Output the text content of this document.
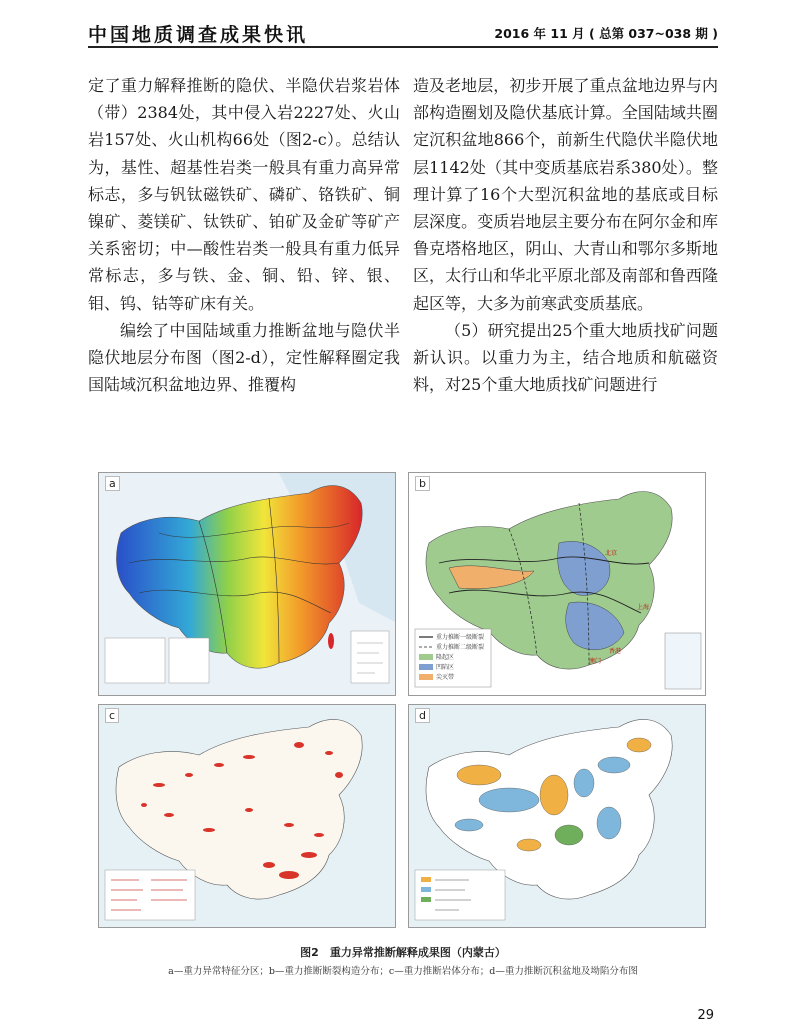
中国地质调查成果快讯	2016 年 11 月 ( 总第 037~038 期 )

定了重力解释推断的隐伏、半隐伏岩浆岩体（带）2384处，其中侵入岩2227处、火山岩157处、火山机构66处（图2-c）。总结认为，基性、超基性岩类一般具有重力高异常标志，多与钒钛磁铁矿、磷矿、铬铁矿、铜镍矿、菱镁矿、钛铁矿、铂矿及金矿等矿产关系密切；中—酸性岩类一般具有重力低异常标志，多与铁、金、铜、铅、锌、银、钼、钨、钴等矿床有关。

编绘了中国陆域重力推断盆地与隐伏半隐伏地层分布图（图2-d），定性解释圈定我国陆域沉积盆地边界、推覆构

造及老地层，初步开展了重点盆地边界与内部构造圈划及隐伏基底计算。全国陆域共圈定沉积盆地866个，前新生代隐伏半隐伏地层1142处（其中变质基底岩系380处）。整理计算了16个大型沉积盆地的基底或目标层深度。变质岩地层主要分布在阿尔金和库鲁克塔格地区，阴山、大青山和鄂尔多斯地区，太行山和华北平原北部及南部和鲁西隆起区等，大多为前寒武变质基底。

（5）研究提出25个重大地质找矿问题新认识。以重力为主，结合地质和航磁资料，对25个重大地质找矿问题进行

a
北京
上海
香港
澳门
重力推断一级断裂
重力推断二级断裂
隆起区
凹陷区
尖灭带
b
c	d
图2　重力异常推断解释成果图（内蒙古）
a—重力异常特征分区；b—重力推断断裂构造分布；c—重力推断岩体分布；d—重力推断沉积盆地及坳陷分布图
29
